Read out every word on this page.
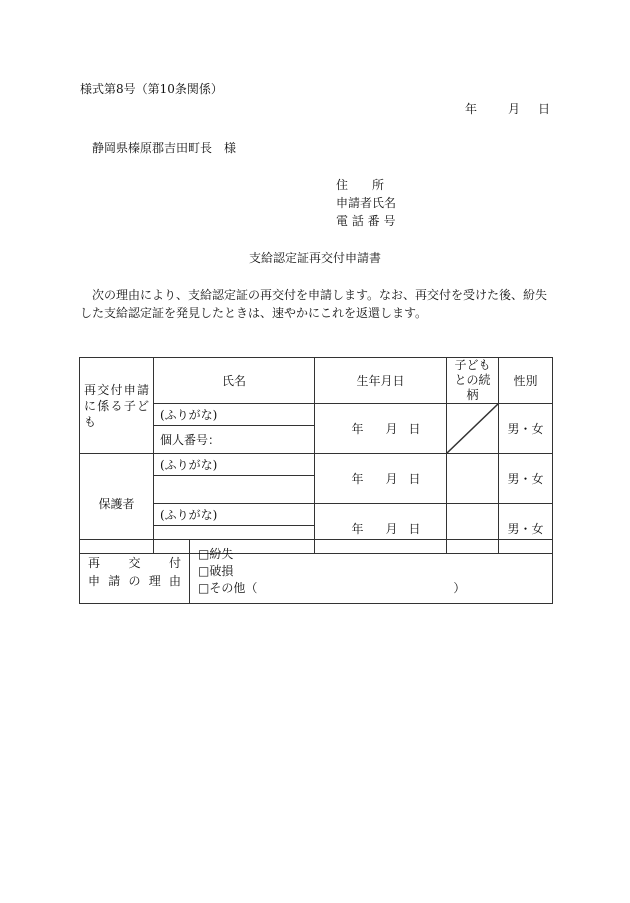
様式第8号（第10条関係）
年	月 日
静岡県榛原郡吉田町長　様
住　　所
申請者氏名
電 話 番 号
支給認定証再交付申請書
次の理由により、支給認定証の再交付を申請します。なお、再交付を受けた後、紛失した支給認定証を発見したときは、速やかにこれを返還します。
再交付申請に係る子ども	氏名	生年月日	子どもとの続柄	性別
	(ふりがな)	年 月 日		男・女
	個人番号：			
保護者	(ふりがな)	年 月 日		男・女

	(ふりがな)	年 月 日		男・女

再 交 付
申 請 の 理 由

□紛失
□破損
□その他（	）
